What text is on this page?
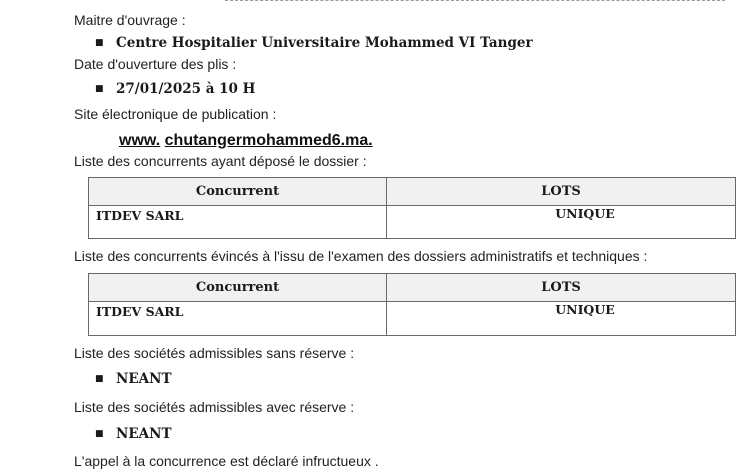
Maitre d'ouvrage :
■ Centre Hospitalier Universitaire Mohammed VI Tanger
Date d'ouverture des plis :
■ 27/01/2025 à 10 H
Site électronique de publication :
www. chutangermohammed6.ma.
Liste des concurrents ayant déposé le dossier :
Concurrent	LOTS
ITDEV SARL	UNIQUE
Liste des concurrents évincés à l'issu de l'examen des dossiers administratifs et techniques :
Concurrent	LOTS
ITDEV SARL	UNIQUE
Liste des sociétés admissibles sans réserve :
■ NEANT
Liste des sociétés admissibles avec réserve :
■ NEANT
L'appel à la concurrence est déclaré infructueux .
